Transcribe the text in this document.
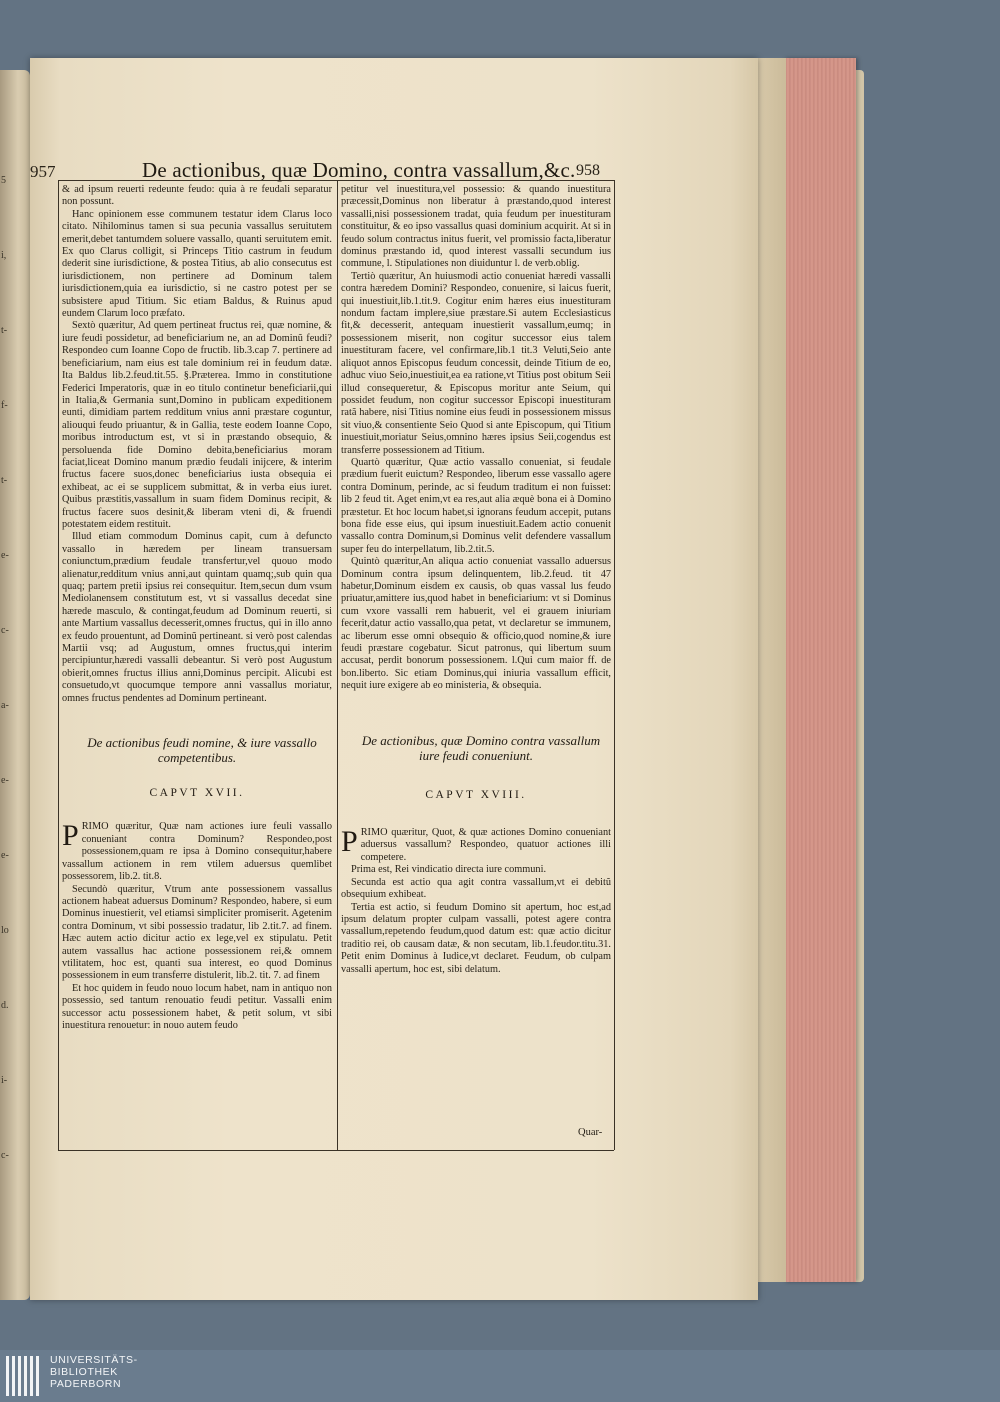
5
i,
t-
f-
t-
e-
c-
a-
e-
e-
lo
d.
i-
c-
957	De actionibus, quæ Domino, contra vassallum,&c. 958

& ad ipsum reuerti redeunte feudo: quia à re feudali separatur non possunt.

Hanc opinionem esse communem testatur idem Clarus loco citato. Nihilominus tamen si sua pecunia vassallus seruitutem emerit,debet tantumdem soluere vassallo, quanti seruitutem emit. Ex quo Clarus colligit, si Princeps Titio castrum in feudum dederit sine iurisdictione, & postea Titius, ab alio consecutus est iurisdictionem, non pertinere ad Dominum talem iurisdictionem,quia ea iurisdictio, si ne castro potest per se subsistere apud Titium. Sic etiam Baldus, & Ruinus apud eundem Clarum loco præfato.

Sextò quæritur, Ad quem pertineat fructus rei, quæ nomine, & iure feudi possidetur, ad beneficiarium ne, an ad Dominũ feudi? Respondeo cum Ioanne Copo de fructib. lib.3.cap 7. pertinere ad beneficiarium, nam eius est tale dominium rei in feudum datæ. Ita Baldus lib.2.feud.tit.55. §.Præterea. Immo in constitutione Federici Imperatoris, quæ in eo titulo continetur beneficiarii,qui in Italia,& Germania sunt,Domino in publicam expeditionem eunti, dimidiam partem redditum vnius anni præstare coguntur, aliouqui feudo priuantur, & in Gallia, teste eodem Ioanne Copo, moribus introductum est, vt si in præstando obsequio, & persoluenda fide Domino debita,beneficiarius moram faciat,liceat Domino manum prædio feudali inijcere, & interim fructus facere suos,donec beneficiarius iusta obsequia ei exhibeat, ac ei se supplicem submittat, & in verba eius iuret. Quibus præstitis,vassallum in suam fidem Dominus recipit, & fructus facere suos desinit,& liberam vteni di, & fruendi potestatem eidem restituit.

Illud etiam commodum Dominus capit, cum à defuncto vassallo in hæredem per lineam transuersam coniunctum,prædium feudale transfertur,vel quouo modo alienatur,redditum vnius anni,aut quintam quamq;,sub quin qua quaq; partem pretii ipsius rei consequitur. Item,secun dum vsum Mediolanensem constitutum est, vt si vassallus decedat sine hærede masculo, & contingat,feudum ad Dominum reuerti, si ante Martium vassallus decesserit,omnes fructus, qui in illo anno ex feudo prouentunt, ad Dominũ pertineant. si verò post calendas Martii vsq; ad Augustum, omnes fructus,qui interim percipiuntur,hæredi vassalli debeantur. Si verò post Augustum obierit,omnes fructus illius anni,Dominus percipit. Alicubi est consuetudo,vt quocumque tempore anni vassallus moriatur, omnes fructus pendentes ad Dominum pertineant.

De actionibus feudi nomine, & iure vassallo competentibus.

CAPVT XVII.

PRIMO quæritur, Quæ nam actiones iure feuli vassallo conueniant contra Dominum? Respondeo,post possessionem,quam re ipsa à Domino consequitur,habere vassallum actionem in rem vtilem aduersus quemlibet possessorem, lib.2. tit.8.

Secundò quæritur, Vtrum ante possessionem vassallus actionem habeat aduersus Dominum? Respondeo, habere, si eum Dominus inuestierit, vel etiamsi simpliciter promiserit. Agetenim contra Dominum, vt sibi possessio tradatur, lib 2.tit.7. ad finem. Hæc autem actio dicitur actio ex lege,vel ex stipulatu. Petit autem vassallus hac actione possessionem rei,& omnem vtilitatem, hoc est, quanti sua interest, eo quod Dominus possessionem in eum transferre distulerit, lib.2. tit. 7. ad finem

Et hoc quidem in feudo nouo locum habet, nam in antiquo non possessio, sed tantum renouatio feudi petitur. Vassalli enim successor actu possessionem habet, & petit solum, vt sibi inuestitura renouetur: in nouo autem feudo

petitur vel inuestitura,vel possessio: & quando inuestitura præcessit,Dominus non liberatur à præstando,quod interest vassalli,nisi possessionem tradat, quia feudum per inuestituram constituitur, & eo ipso vassallus quasi dominium acquirit. At si in feudo solum contractus initus fuerit, vel promissio facta,liberatur dominus præstando id, quod interest vassalli secundum ius commune, l. Stipulationes non diuiduntur l. de verb.oblig.

Tertiò quæritur, An huiusmodi actio conueniat hæredi vassalli contra hæredem Domini? Respondeo, conuenire, si laicus fuerit, qui inuestiuit,lib.1.tit.9. Cogitur enim hæres eius inuestituram nondum factam implere,siue præstare.Si autem Ecclesiasticus fit,& decesserit, antequam inuestierit vassallum,eumq; in possessionem miserit, non cogitur successor eius talem inuestituram facere, vel confirmare,lib.1 tit.3 Veluti,Seio ante aliquot annos Episcopus feudum concessit, deinde Titium de eo, adhuc viuo Seio,inuestiuit,ea ea ratione,vt Titius post obitum Seii illud consequeretur, & Episcopus moritur ante Seium, qui possidet feudum, non cogitur successor Episcopi inuestituram ratã habere, nisi Titius nomine eius feudi in possessionem missus sit viuo,& consentiente Seio Quod si ante Episcopum, qui Titium inuestiuit,moriatur Seius,omnino hæres ipsius Seii,cogendus est transferre possessionem ad Titium.

Quartò quæritur, Quæ actio vassallo conueniat, si feudale prædium fuerit euictum? Respondeo, liberum esse vassallo agere contra Dominum, perinde, ac si feudum traditum ei non fuisset: lib 2 feud tit. Aget enim,vt ea res,aut alia æquè bona ei à Domino præstetur. Et hoc locum habet,si ignorans feudum accepit, putans bona fide esse eius, qui ipsum inuestiuit.Eadem actio conuenit vassallo contra Dominum,si Dominus velit defendere vassallum super feu do interpellatum, lib.2.tit.5.

Quintò quæritur,An aliqua actio conueniat vassallo aduersus Dominum contra ipsum delinquentem, lib.2.feud. tit 47 habetur,Dominum eisdem ex causis, ob quas vassal lus feudo priuatur,amittere ius,quod habet in beneficiarium: vt si Dominus cum vxore vassalli rem habuerit, vel ei grauem iniuriam fecerit,datur actio vassallo,qua petat, vt declaretur se immunem, ac liberum esse omni obsequio & officio,quod nomine,& iure feudi præstare cogebatur. Sicut patronus, qui libertum suum accusat, perdit bonorum possessionem. l.Qui cum maior ff. de bon.liberto. Sic etiam Dominus,qui iniuria vassallum efficit, nequit iure exigere ab eo ministeria, & obsequia.

De actionibus, quæ Domino contra vassallum iure feudi conueniunt.

CAPVT XVIII.

PRIMO quæritur, Quot, & quæ actiones Domino conueniant aduersus vassallum? Respondeo, quatuor actiones illi competere.

Prima est, Rei vindicatio directa iure communi.

Secunda est actio qua agit contra vassallum,vt ei debitũ obsequium exhibeat.

Tertia est actio, si feudum Domino sit apertum, hoc est,ad ipsum delatum propter culpam vassalli, potest agere contra vassallum,repetendo feudum,quod datum est: quæ actio dicitur traditio rei, ob causam datæ, & non secutam, lib.1.feudor.titu.31. Petit enim Dominus à Iudice,vt declaret. Feudum, ob culpam vassalli apertum, hoc est, sibi delatum.

Quar-
UNIVERSITÄTS-
BIBLIOTHEK
PADERBORN
